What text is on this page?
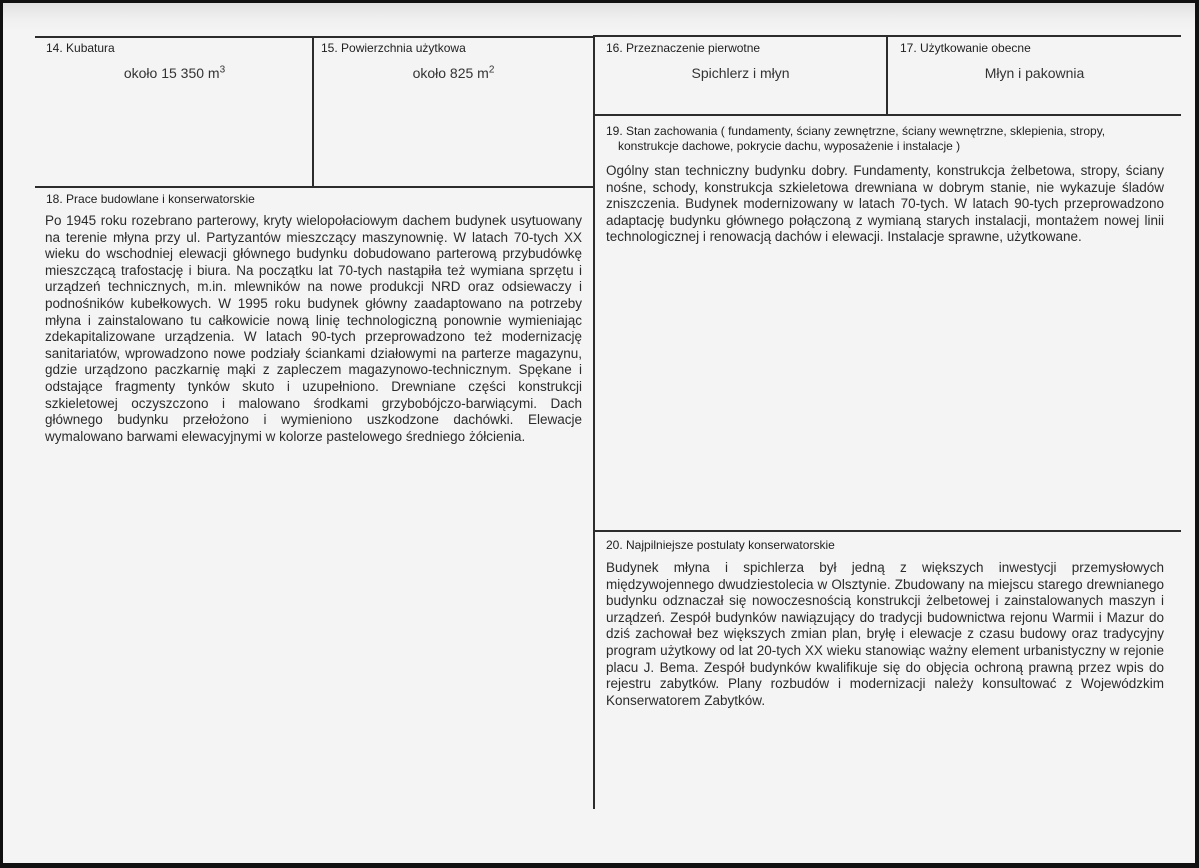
14. Kubatura
około 15 350 $m^3$
15. Powierzchnia użytkowa
około 825 $m^2$
16. Przeznaczenie pierwotne
Spichlerz i młyn
17. Użytkowanie obecne
Młyn i pakownia
19. Stan zachowania ( fundamenty, ściany zewnętrzne, ściany wewnętrzne, sklepienia, stropy,
konstrukcje dachowe, pokrycie dachu, wyposażenie i instalacje )
Ogólny stan techniczny budynku dobry. Fundamenty, konstrukcja żelbetowa, stropy, ściany nośne, schody, konstrukcja szkieletowa drewniana w dobrym stanie, nie wykazuje śladów zniszczenia. Budynek modernizowany w latach 70-tych. W latach 90-tych przeprowadzono adaptację budynku głównego połączoną z wymianą starych instalacji, montażem nowej linii technologicznej i renowacją dachów i elewacji. Instalacje sprawne, użytkowane.
18. Prace budowlane i konserwatorskie
Po 1945 roku rozebrano parterowy, kryty wielopołaciowym dachem budynek usytuowany na terenie młyna przy ul. Partyzantów mieszczący maszynownię. W latach 70-tych XX wieku do wschodniej elewacji głównego budynku dobudowano parterową przybudówkę mieszczącą trafostację i biura. Na początku lat 70-tych nastąpiła też wymiana sprzętu i urządzeń technicznych, m.in. mlewników na nowe produkcji NRD oraz odsiewaczy i podnośników kubełkowych. W 1995 roku budynek główny zaadaptowano na potrzeby młyna i zainstalowano tu całkowicie nową linię technologiczną ponownie wymieniając zdekapitalizowane urządzenia. W latach 90-tych przeprowadzono też modernizację sanitariatów, wprowadzono nowe podziały ściankami działowymi na parterze magazynu, gdzie urządzono paczkarnię mąki z zapleczem magazynowo-technicznym. Spękane i odstające fragmenty tynków skuto i uzupełniono. Drewniane części konstrukcji szkieletowej oczyszczono i malowano środkami grzybobójczo-barwiącymi. Dach głównego budynku przełożono i wymieniono uszkodzone dachówki. Elewacje wymalowano barwami elewacyjnymi w kolorze pastelowego średniego żółcienia.
20. Najpilniejsze postulaty konserwatorskie
Budynek młyna i spichlerza był jedną z większych inwestycji przemysłowych międzywojennego dwudziestolecia w Olsztynie. Zbudowany na miejscu starego drewnianego budynku odznaczał się nowoczesnością konstrukcji żelbetowej i zainstalowanych maszyn i urządzeń. Zespół budynków nawiązujący do tradycji budownictwa rejonu Warmii i Mazur do dziś zachował bez większych zmian plan, bryłę i elewacje z czasu budowy oraz tradycyjny program użytkowy od lat 20-tych XX wieku stanowiąc ważny element urbanistyczny w rejonie placu J. Bema. Zespół budynków kwalifikuje się do objęcia ochroną prawną przez wpis do rejestru zabytków. Plany rozbudów i modernizacji należy konsultować z Wojewódzkim Konserwatorem Zabytków.
